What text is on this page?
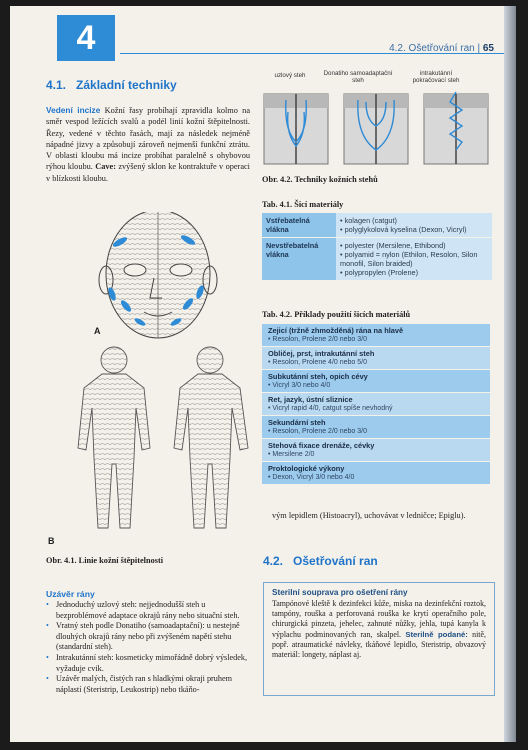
4	4.2. Ošetřování ran | 65
4.1. Základní techniky
Vedení incize Kožní řasy probíhají zpravidla kolmo na směr vespod ležících svalů a podél linií kožní štěpitelnosti. Řezy, vedené v těchto řasách, mají za následek nejméně nápadné jizvy a způsobují zároveň nejmenší funkční ztrátu. V oblasti kloubu má incize probíhat paralelně s ohybovou rýhou kloubu. Cave: zvýšený sklon ke kontraktuře v operaci v blízkosti kloubu.
A
B
Obr. 4.1. Linie kožní štěpitelnosti
Uzávěr rány
• Jednoduchý uzlový steh: nejjednodušší steh u bezproblémové adaptace okrajů rány nebo situační steh.
• Vratný steh podle Donatiho (samoadaptační): u nestejně dlouhých okrajů rány nebo při zvýšeném napětí stehu (standardní steh).
• Intrakutánní steh: kosmeticky mimořádně dobrý výsledek, vyžaduje cvik.
• Uzávěr malých, čistých ran s hladkými okraji pruhem náplastí (Steristrip, Leukostrip) nebo tkáňo-
uzlový steh	Donatiho samoadaptační steh
intrakutánní pokračovací steh
Obr. 4.2. Techniky kožních stehů
Tab. 4.1. Šicí materiály
Vstřebatelná vlákna	• kolagen (catgut)
• polyglykolová kyselina (Dexon, Vicryl)

Nevstřebatelná vlákna	• polyester (Mersilene, Ethibond)
• polyamid = nylon (Ethilon, Resolon, Silon monofil, Silon braided)
• polypropylen (Prolene)
Tab. 4.2. Příklady použití šicích materiálů
Zejicí (tržně zhmožděná) rána na hlavě
• Resolon, Prolene 2/0 nebo 3/0
Obličej, prst, intrakutánní steh
• Resolon, Prolene 4/0 nebo 5/0
Subkutánní steh, opich cévy
• Vicryl 3/0 nebo 4/0
Ret, jazyk, ústní sliznice
• Vicryl rapid 4/0, catgut spíše nevhodný
Sekundární steh
• Resolon, Prolene 2/0 nebo 3/0
Stehová fixace drenáže, cévky
• Mersilene 2/0
Proktologické výkony
• Dexon, Vicryl 3/0 nebo 4/0
vým lepidlem (Histoacryl), uchovávat v ledničce; Epiglu).
4.2. Ošetřování ran
Sterilní souprava pro ošetření rány
Tampónové kleště k dezinfekci kůže, miska na dezinfekční roztok, tampóny, rouška a perforovaná rouška ke krytí operačního pole, chirurgická pinzeta, jehelec, zahnuté nůžky, jehla, tupá kanyla k výplachu podminovaných ran, skalpel. Sterilně podané: nitě, popř. atraumatické návleky, tkáňové lepidlo, Steristrip, obvazový materiál: longety, náplast aj.
